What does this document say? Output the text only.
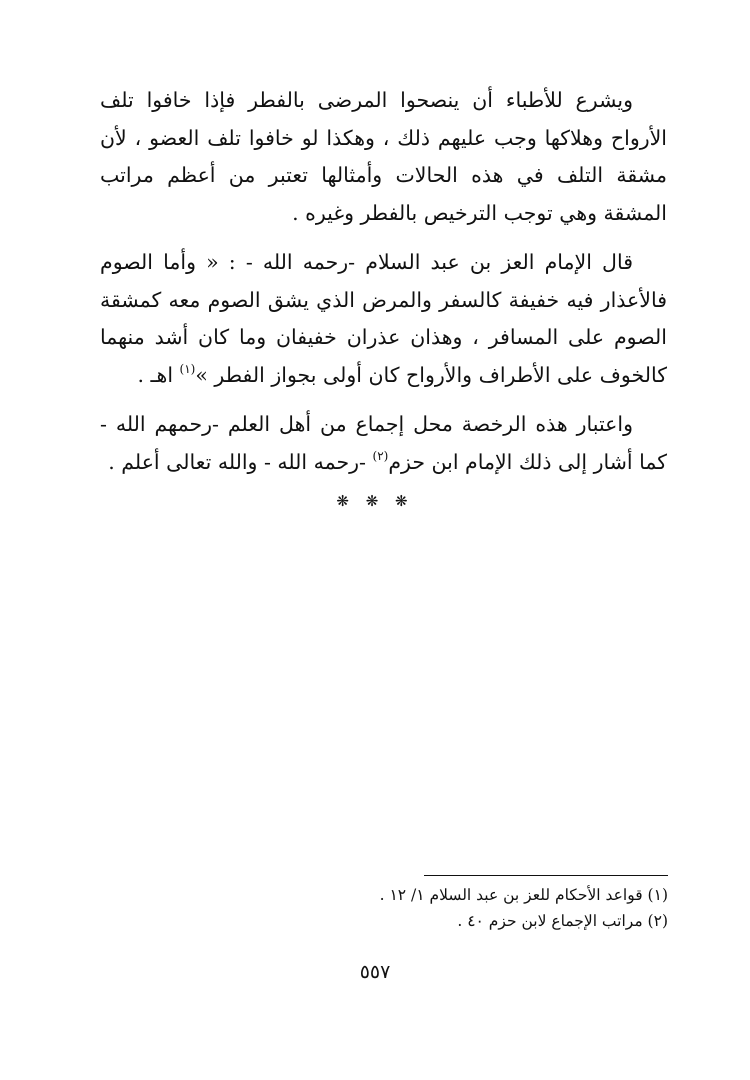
ويشرع للأطباء أن ينصحوا المرضى بالفطر فإذا خافوا تلف الأرواح وهلاكها وجب عليهم ذلك ، وهكذا لو خافوا تلف العضو ، لأن مشقة التلف في هذه الحالات وأمثالها تعتبر من أعظم مراتب المشقة وهي توجب الترخيص بالفطر وغيره .

قال الإمام العز بن عبد السلام -رحمه الله - : « وأما الصوم فالأعذار فيه خفيفة كالسفر والمرض الذي يشق الصوم معه كمشقة الصوم على المسافر ، وهذان عذران خفيفان وما كان أشد منهما كالخوف على الأطراف والأرواح كان أولى بجواز الفطر »$^{(١)}$ اهـ .

واعتبار هذه الرخصة محل إجماع من أهل العلم -رحمهم الله - كما أشار إلى ذلك الإمام ابن حزم$^{(٢)}$ -رحمه الله - والله تعالى أعلم .

❋ ❋ ❋

(١) قواعد الأحكام للعز بن عبد السلام ١/ ١٢ .

(٢) مراتب الإجماع لابن حزم ٤٠ .

٥٥٧
